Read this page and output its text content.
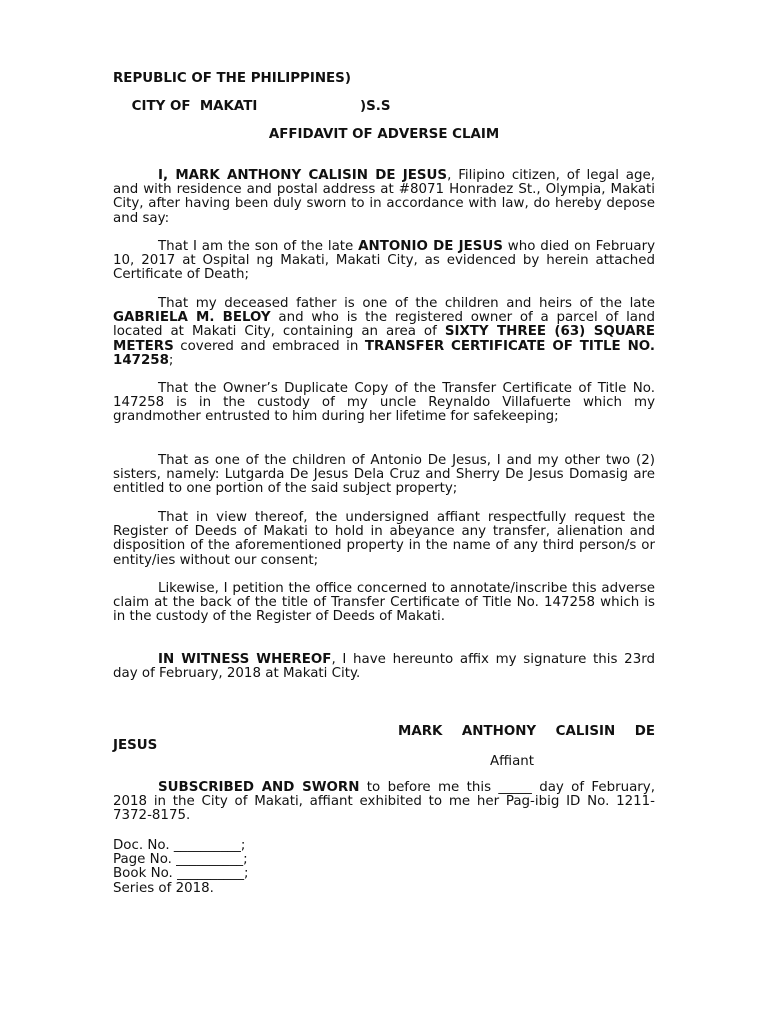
REPUBLIC OF THE PHILIPPINES)

CITY OF  MAKATI	)S.S

AFFIDAVIT OF ADVERSE CLAIM

I, MARK ANTHONY CALISIN DE JESUS, Filipino citizen, of legal age, and with residence and postal address at #8071 Honradez St., Olympia, Makati City, after having been duly sworn to in accordance with law, do hereby depose and say:

That I am the son of the late ANTONIO DE JESUS who died on February 10, 2017 at Ospital ng Makati, Makati City, as evidenced by herein attached Certificate of Death;

That my deceased father is one of the children and heirs of the late GABRIELA M. BELOY and who is the registered owner of a parcel of land located at Makati City, containing an area of SIXTY THREE (63) SQUARE METERS covered and embraced in TRANSFER CERTIFICATE OF TITLE NO. 147258;

That the Owner’s Duplicate Copy of the Transfer Certificate of Title No. 147258 is in the custody of my uncle Reynaldo Villafuerte which my grandmother entrusted to him during her lifetime for safekeeping;

That as one of the children of Antonio De Jesus, I and my other two (2) sisters, namely: Lutgarda De Jesus Dela Cruz and Sherry De Jesus Domasig are entitled to one portion of the said subject property;

That in view thereof, the undersigned affiant respectfully request the Register of Deeds of Makati to hold in abeyance any transfer, alienation and disposition of the aforementioned property in the name of any third person/s or entity/ies without our consent;

Likewise, I petition the office concerned to annotate/inscribe this adverse claim at the back of the title of Transfer Certificate of Title No. 147258 which is in the custody of the Register of Deeds of Makati.

IN WITNESS WHEREOF, I have hereunto affix my signature this 23rd day of February, 2018 at Makati City.

MARK ANTHONY CALISIN DE
JESUS
Affiant

SUBSCRIBED AND SWORN to before me this _____ day of February, 2018 in the City of Makati, affiant exhibited to me her Pag-ibig ID No. 1211-7372-8175.

Doc. No. __________;
Page No. __________;
Book No. __________;
Series of 2018.
